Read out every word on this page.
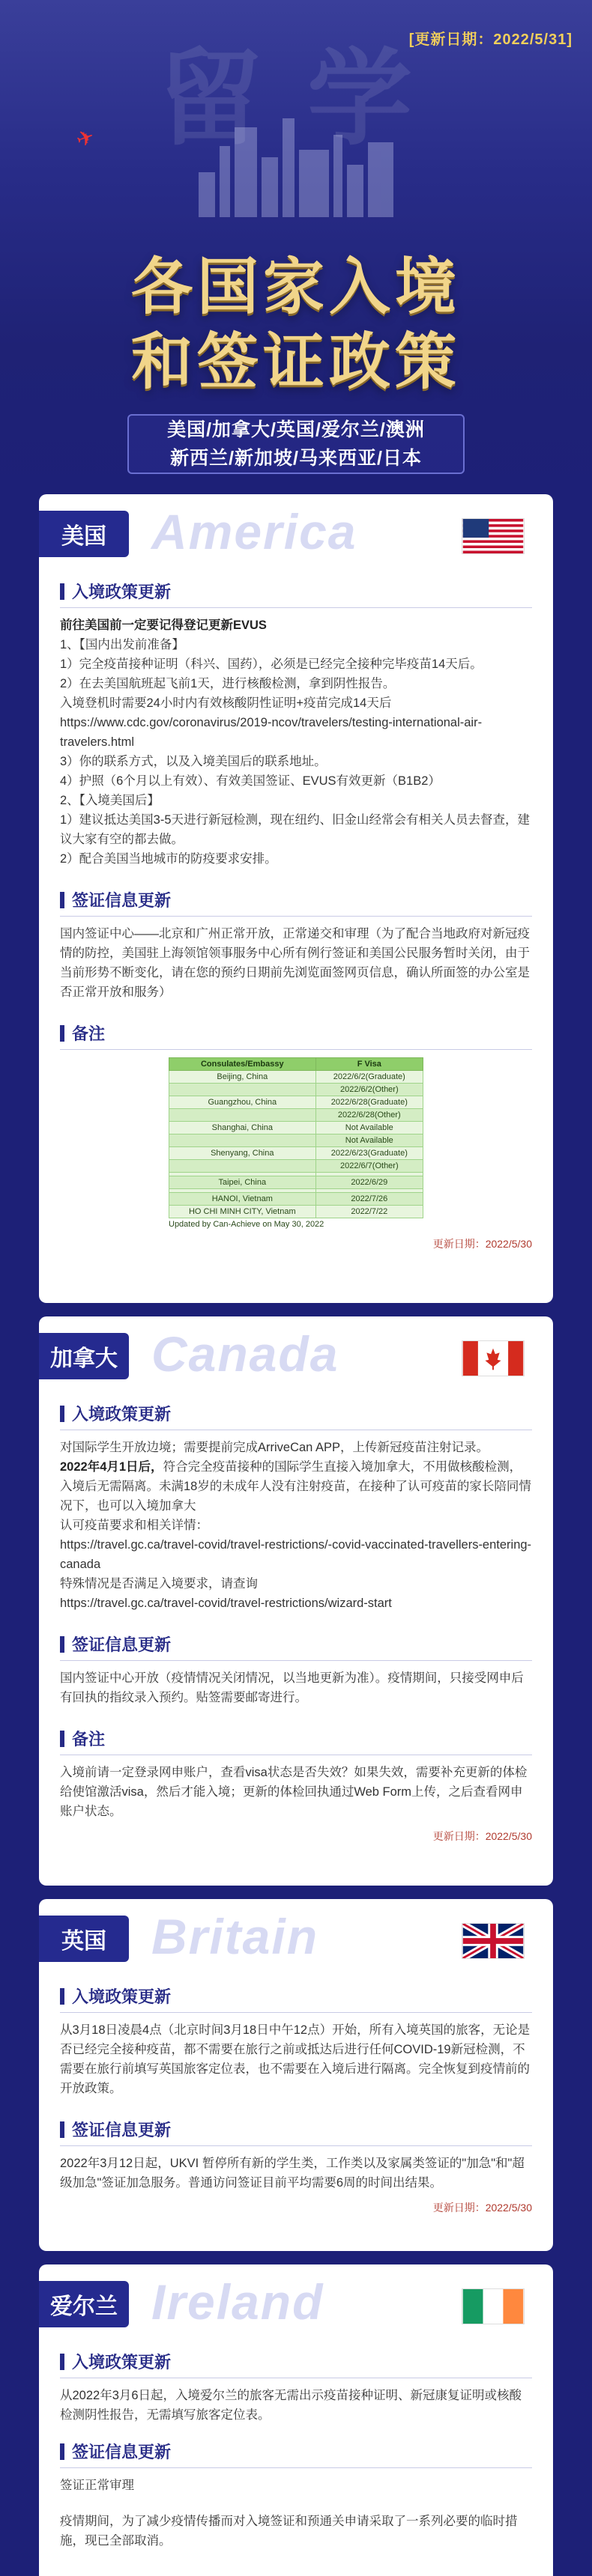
留学
[更新日期：2022/5/31]
✈
各国家入境
和签证政策
美国/加拿大/英国/爱尔兰/澳洲
新西兰/新加坡/马来西亚/日本
美国 America
入境政策更新
前往美国前一定要记得登记更新EVUS
1、【国内出发前准备】
1）完全疫苗接种证明（科兴、国药），必须是已经完全接种完毕疫苗14天后。
2）在去美国航班起飞前1天，进行核酸检测，拿到阴性报告。
入境登机时需要24小时内有效核酸阴性证明+疫苗完成14天后 https://www.cdc.gov/coronavirus/2019-ncov/travelers/testing-international-air-travelers.html
3）你的联系方式，以及入境美国后的联系地址。
4）护照（6个月以上有效）、有效美国签证、EVUS有效更新（B1B2）
2、【入境美国后】
1）建议抵达美国3-5天进行新冠检测，现在纽约、旧金山经常会有相关人员去督查，建议大家有空的都去做。
2）配合美国当地城市的防疫要求安排。
签证信息更新
国内签证中心——北京和广州正常开放，正常递交和审理（为了配合当地政府对新冠疫情的防控，美国驻上海领馆领事服务中心所有例行签证和美国公民服务暂时关闭，由于当前形势不断变化，请在您的预约日期前先浏览面签网页信息，确认所面签的办公室是否正常开放和服务）
备注
Consulates/Embassy	F Visa
Beijing, China	2022/6/2(Graduate)
	2022/6/2(Other)
Guangzhou, China	2022/6/28(Graduate)
	2022/6/28(Other)
Shanghai, China	Not Available
	Not Available
Shenyang, China	2022/6/23(Graduate)
	2022/6/7(Other)

Taipei, China	2022/6/29

HANOI, Vietnam	2022/7/26
HO CHI MINH CITY, Vietnam	2022/7/22
Updated by Can-Achieve on May 30, 2022
更新日期：2022/5/30
加拿大 Canada
入境政策更新
对国际学生开放边境；需要提前完成ArriveCan APP，上传新冠疫苗注射记录。
2022年4月1日后，符合完全疫苗接种的国际学生直接入境加拿大，不用做核酸检测，入境后无需隔离。未满18岁的未成年人没有注射疫苗，在接种了认可疫苗的家长陪同情况下，也可以入境加拿大
认可疫苗要求和相关详情：
https://travel.gc.ca/travel-covid/travel-restrictions/-covid-vaccinated-travellers-entering-canada
特殊情况是否满足入境要求，请查询
https://travel.gc.ca/travel-covid/travel-restrictions/wizard-start
签证信息更新
国内签证中心开放（疫情情况关闭情况，以当地更新为准）。疫情期间，只接受网申后有回执的指纹录入预约。贴签需要邮寄进行。
备注
入境前请一定登录网申账户，查看visa状态是否失效？如果失效，需要补充更新的体检给使馆激活visa，然后才能入境；更新的体检回执通过Web Form上传，之后查看网申账户状态。
更新日期：2022/5/30
英国 Britain
入境政策更新
从3月18日凌晨4点（北京时间3月18日中午12点）开始，所有入境英国的旅客，无论是否已经完全接种疫苗，都不需要在旅行之前或抵达后进行任何COVID-19新冠检测，不需要在旅行前填写英国旅客定位表，也不需要在入境后进行隔离。完全恢复到疫情前的开放政策。
签证信息更新
2022年3月12日起，UKVI 暂停所有新的学生类，工作类以及家属类签证的"加急"和"超级加急"签证加急服务。普通访问签证目前平均需要6周的时间出结果。
更新日期：2022/5/30
爱尔兰 Ireland
入境政策更新
从2022年3月6日起，入境爱尔兰的旅客无需出示疫苗接种证明、新冠康复证明或核酸检测阴性报告，无需填写旅客定位表。
签证信息更新
签证正常审理
疫情期间，为了减少疫情传播而对入境签证和预通关申请采取了一系列必要的临时措施，现已全部取消。
